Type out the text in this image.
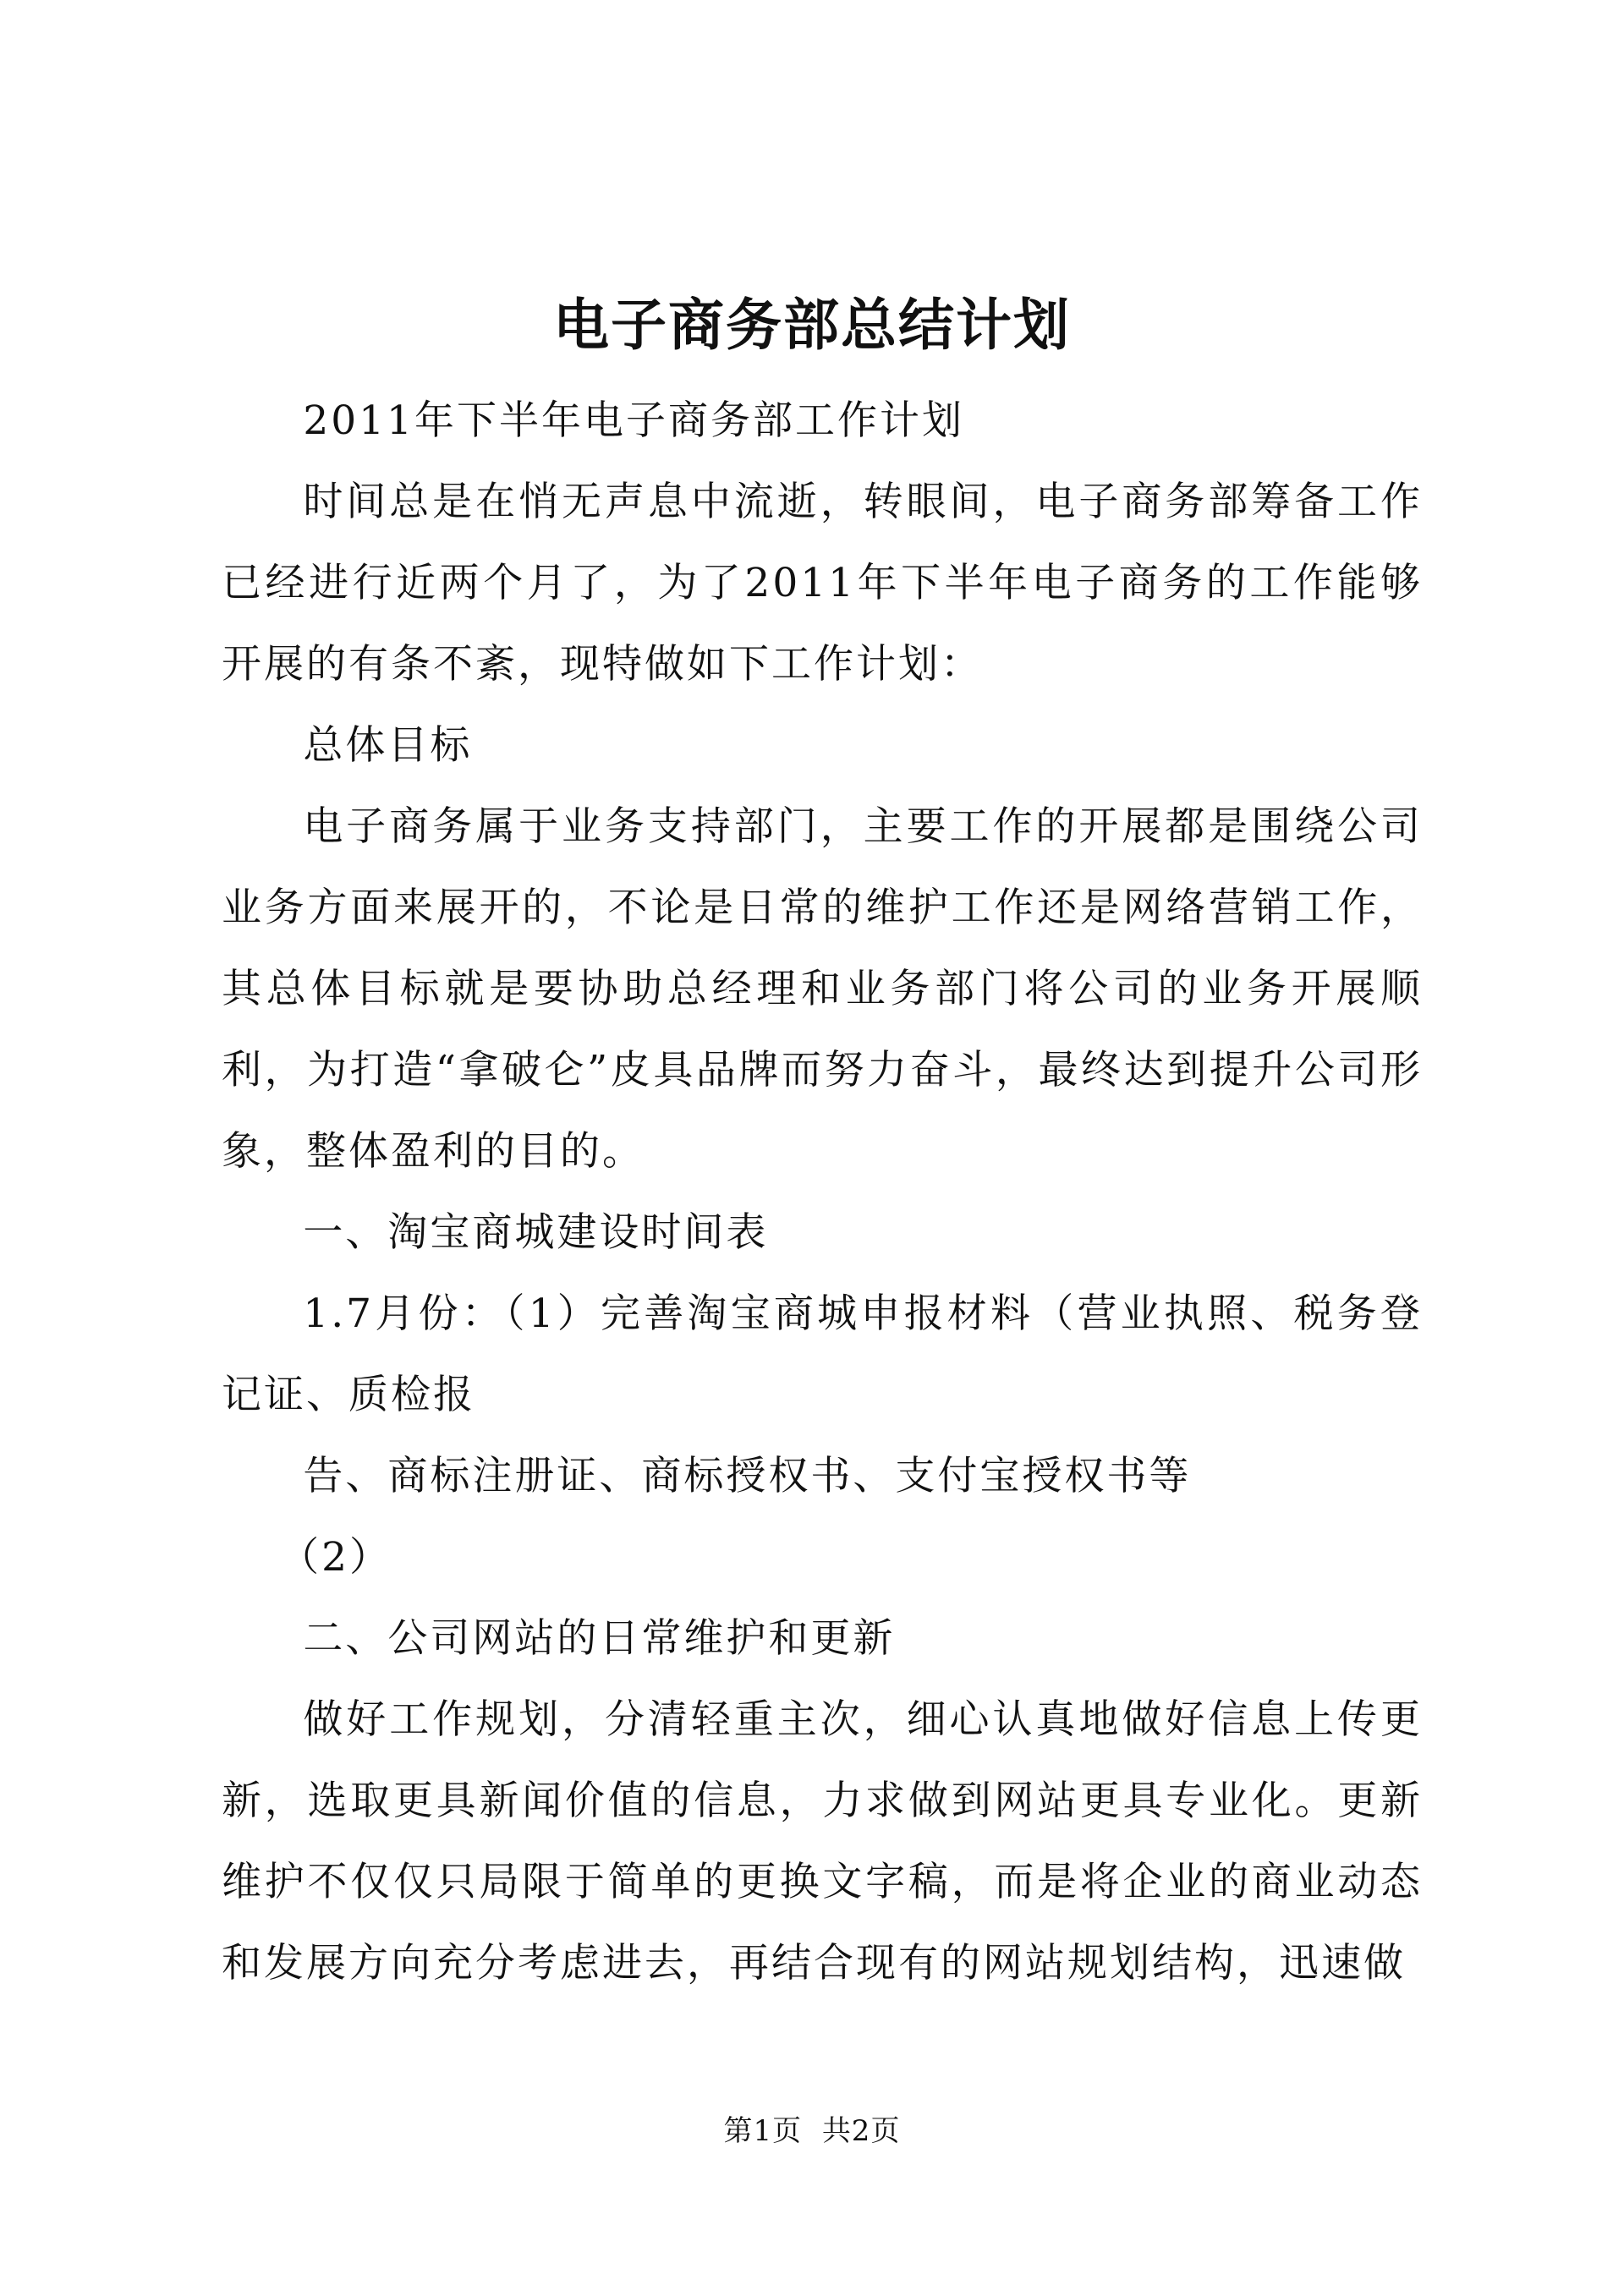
电子商务部总结计划

2011年下半年电子商务部工作计划

时间总是在悄无声息中流逝，转眼间，电子商务部筹备工作已经进行近两个月了，为了2011年下半年电子商务的工作能够开展的有条不紊，现特做如下工作计划：

总体目标

电子商务属于业务支持部门，主要工作的开展都是围绕公司业务方面来展开的，不论是日常的维护工作还是网络营销工作，其总体目标就是要协助总经理和业务部门将公司的业务开展顺利，为打造“拿破仑”皮具品牌而努力奋斗，最终达到提升公司形象，整体盈利的目的。

一、淘宝商城建设时间表

1.7月份：（1）完善淘宝商城申报材料（营业执照、税务登记证、质检报

告、商标注册证、商标授权书、支付宝授权书等

（2）

二、公司网站的日常维护和更新

做好工作规划，分清轻重主次，细心认真地做好信息上传更新，选取更具新闻价值的信息，力求做到网站更具专业化。更新维护不仅仅只局限于简单的更换文字稿，而是将企业的商业动态和发展方向充分考虑进去，再结合现有的网站规划结构，迅速做

第1页 共2页
